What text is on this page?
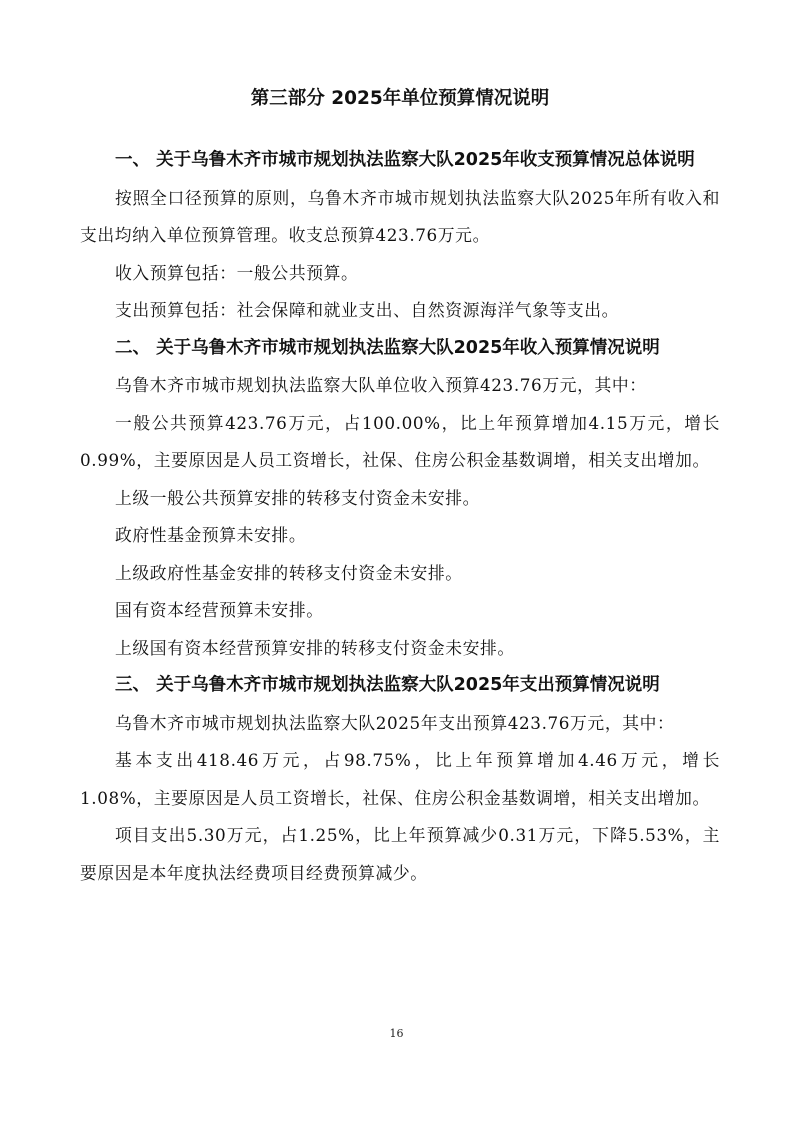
第三部分 2025年单位预算情况说明

一、 关于乌鲁木齐市城市规划执法监察大队2025年收支预算情况总体说明

按照全口径预算的原则，乌鲁木齐市城市规划执法监察大队2025年所有收入和支出均纳入单位预算管理。收支总预算423.76万元。

收入预算包括：一般公共预算。

支出预算包括：社会保障和就业支出、自然资源海洋气象等支出。

二、 关于乌鲁木齐市城市规划执法监察大队2025年收入预算情况说明

乌鲁木齐市城市规划执法监察大队单位收入预算423.76万元，其中：

一般公共预算423.76万元，占100.00%，比上年预算增加4.15万元，增长0.99%，主要原因是人员工资增长，社保、住房公积金基数调增，相关支出增加。

上级一般公共预算安排的转移支付资金未安排。

政府性基金预算未安排。

上级政府性基金安排的转移支付资金未安排。

国有资本经营预算未安排。

上级国有资本经营预算安排的转移支付资金未安排。

三、 关于乌鲁木齐市城市规划执法监察大队2025年支出预算情况说明

乌鲁木齐市城市规划执法监察大队2025年支出预算423.76万元，其中：

基本支出418.46万元，占98.75%，比上年预算增加4.46万元，增长1.08%，主要原因是人员工资增长，社保、住房公积金基数调增，相关支出增加。

项目支出5.30万元，占1.25%，比上年预算减少0.31万元，下降5.53%，主要原因是本年度执法经费项目经费预算减少。

16
